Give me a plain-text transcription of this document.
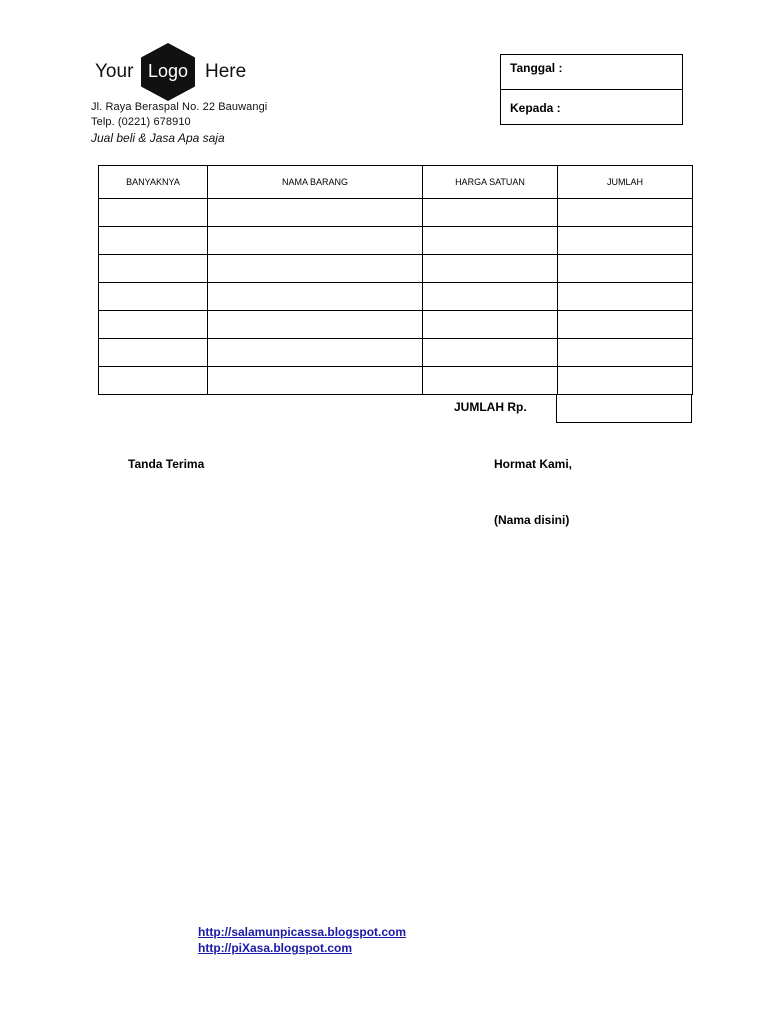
Your Logo Here
Jl. Raya Beraspal No. 22 Bauwangi
Telp. (0221) 678910
Jual beli & Jasa Apa saja
Tanggal :
Kepada :
BANYAKNYA	NAMA BARANG	HARGA SATUAN	JUMLAH

JUMLAH Rp.
Tanda Terima	Hormat Kami,
(Nama disini)
http://salamunpicassa.blogspot.com
http://piXasa.blogspot.com
